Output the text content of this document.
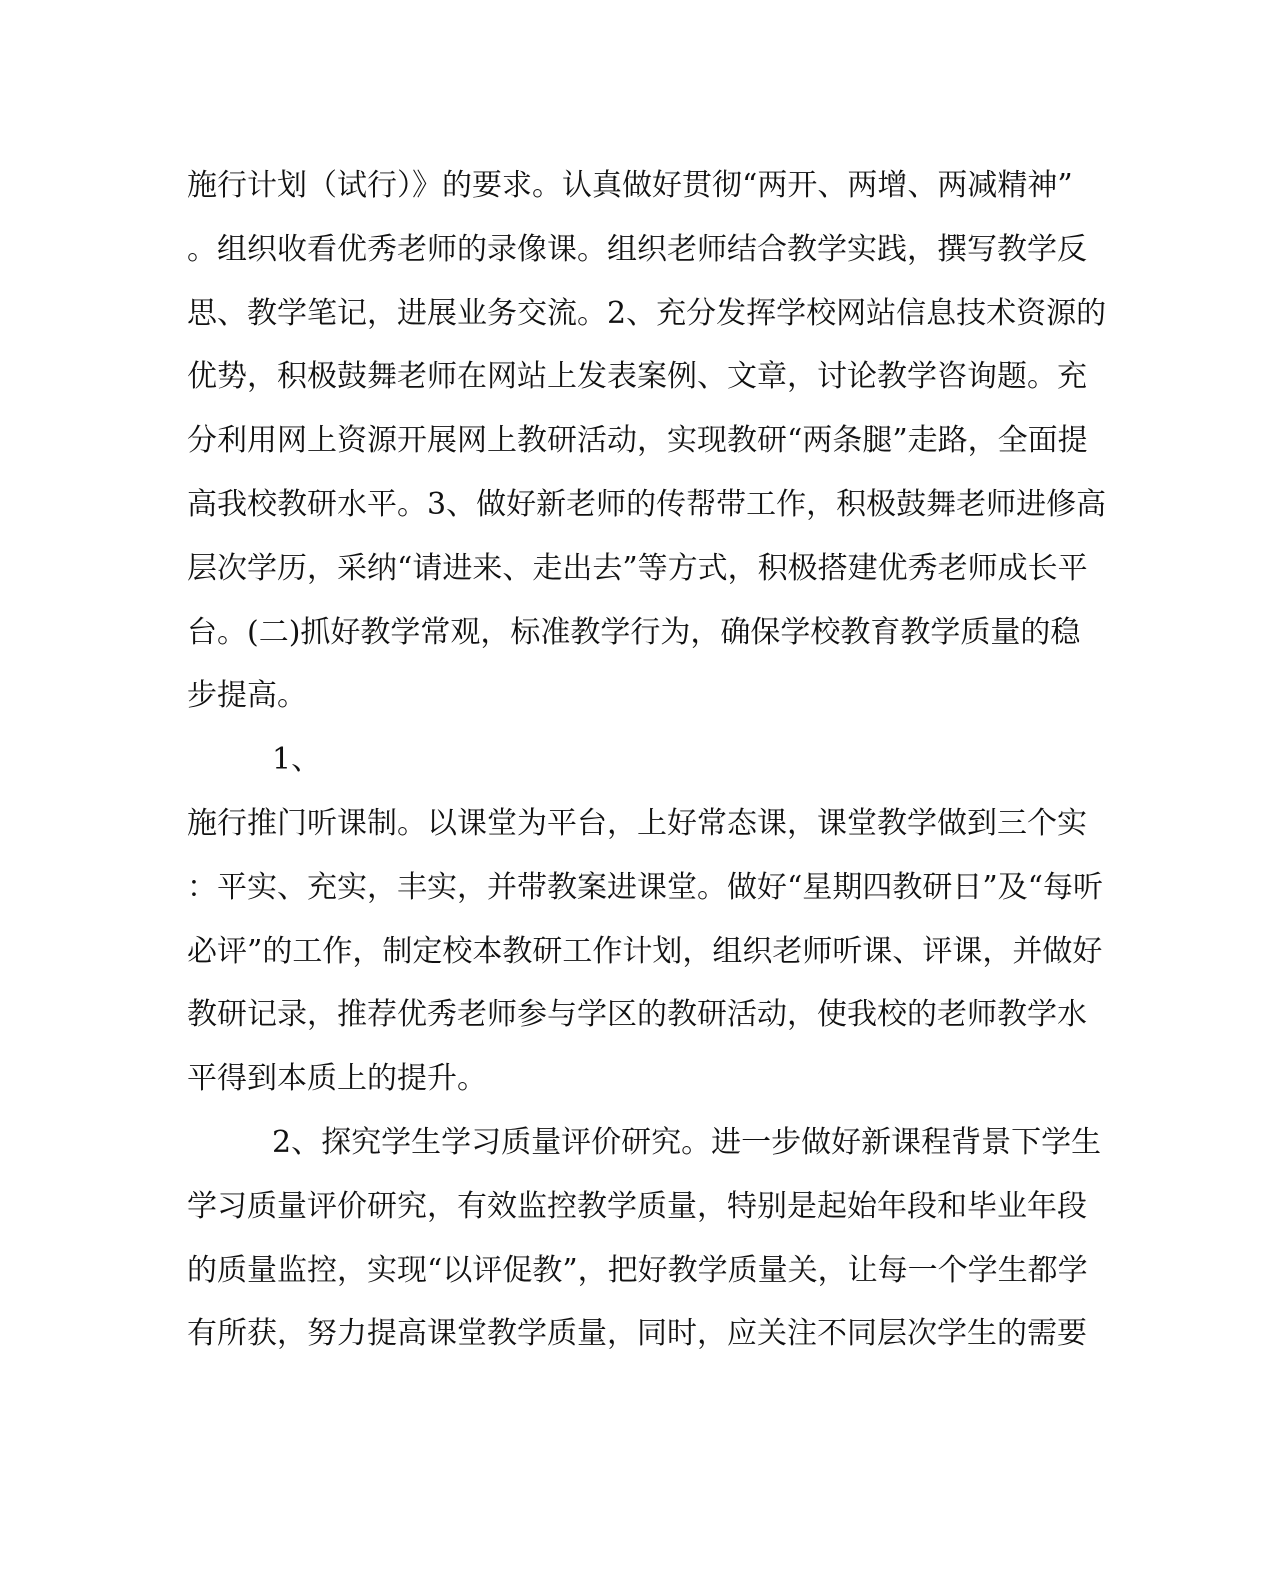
施行计划（试行）》的要求。认真做好贯彻“两开、两增、两减精神”
。组织收看优秀老师的录像课。组织老师结合教学实践，撰写教学反
思、教学笔记，进展业务交流。2、充分发挥学校网站信息技术资源的
优势，积极鼓舞老师在网站上发表案例、文章，讨论教学咨询题。充
分利用网上资源开展网上教研活动，实现教研“两条腿”走路，全面提
高我校教研水平。3、做好新老师的传帮带工作，积极鼓舞老师进修高
层次学历，采纳“请进来、走出去”等方式，积极搭建优秀老师成长平
台。(二)抓好教学常观，标准教学行为，确保学校教育教学质量的稳
步提高。
1、
施行推门听课制。以课堂为平台，上好常态课，课堂教学做到三个实
：平实、充实，丰实，并带教案进课堂。做好“星期四教研日”及“每听
必评”的工作，制定校本教研工作计划，组织老师听课、评课，并做好
教研记录，推荐优秀老师参与学区的教研活动，使我校的老师教学水
平得到本质上的提升。
2、探究学生学习质量评价研究。进一步做好新课程背景下学生
学习质量评价研究，有效监控教学质量，特别是起始年段和毕业年段
的质量监控，实现“以评促教”，把好教学质量关，让每一个学生都学
有所获，努力提高课堂教学质量，同时，应关注不同层次学生的需要
